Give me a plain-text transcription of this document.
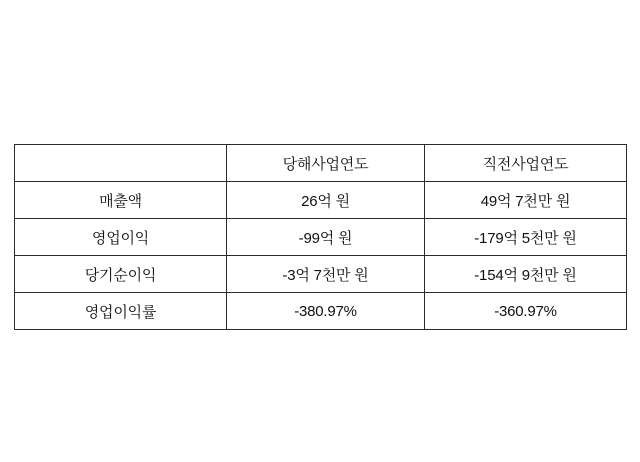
	당해사업연도	직전사업연도
매출액	26억 원	49억 7천만 원
영업이익	-99억 원	-179억 5천만 원
당기순이익	-3억 7천만 원	-154억 9천만 원
영업이익률	-380.97%	-360.97%
